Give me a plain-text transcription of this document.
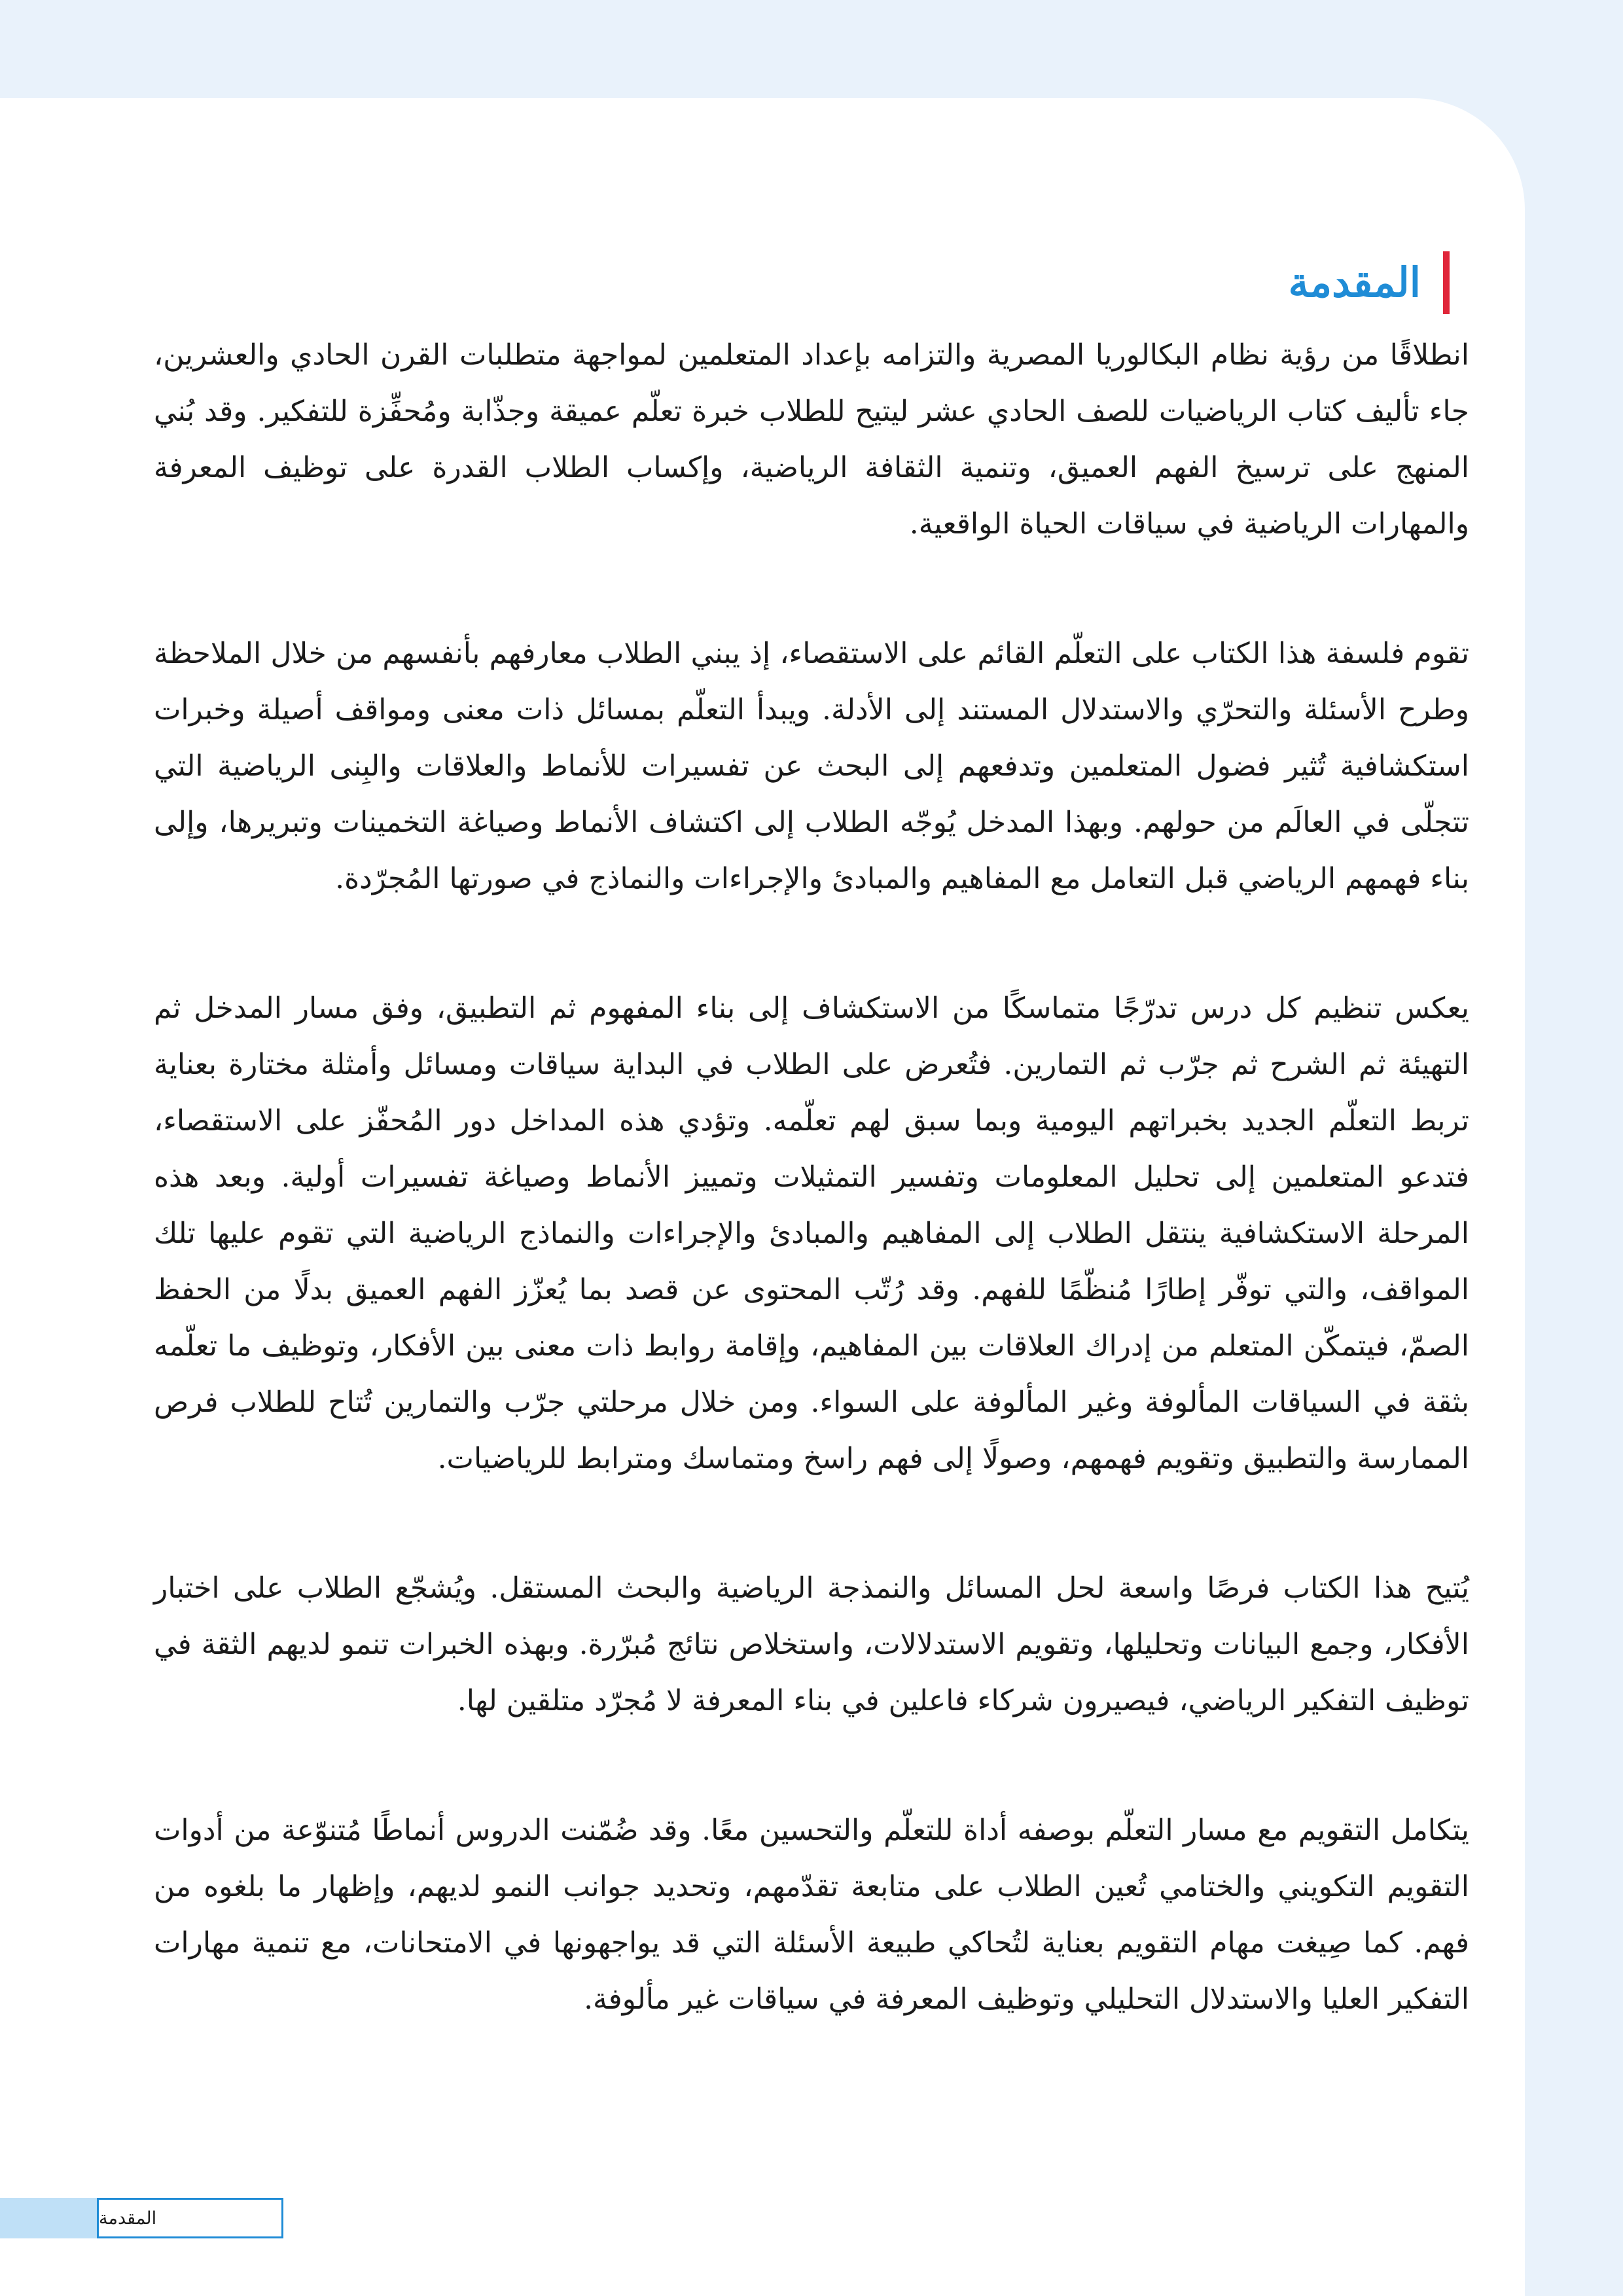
المقدمة

انطلاقًا من رؤية نظام البكالوريا المصرية والتزامه بإعداد المتعلمين لمواجهة متطلبات القرن الحادي والعشرين، جاء تأليف كتاب الرياضيات للصف الحادي عشر ليتيح للطلاب خبرة تعلّم عميقة وجذّابة ومُحفِّزة للتفكير. وقد بُني المنهج على ترسيخ الفهم العميق، وتنمية الثقافة الرياضية، وإكساب الطلاب القدرة على توظيف المعرفة والمهارات الرياضية في سياقات الحياة الواقعية.

تقوم فلسفة هذا الكتاب على التعلّم القائم على الاستقصاء، إذ يبني الطلاب معارفهم بأنفسهم من خلال الملاحظة وطرح الأسئلة والتحرّي والاستدلال المستند إلى الأدلة. ويبدأ التعلّم بمسائل ذات معنى ومواقف أصيلة وخبرات استكشافية تُثير فضول المتعلمين وتدفعهم إلى البحث عن تفسيرات للأنماط والعلاقات والبِنى الرياضية التي تتجلّى في العالَم من حولهم. وبهذا المدخل يُوجّه الطلاب إلى اكتشاف الأنماط وصياغة التخمينات وتبريرها، وإلى بناء فهمهم الرياضي قبل التعامل مع المفاهيم والمبادئ والإجراءات والنماذج في صورتها المُجرّدة.

يعكس تنظيم كل درس تدرّجًا متماسكًا من الاستكشاف إلى بناء المفهوم ثم التطبيق، وفق مسار المدخل ثم التهيئة ثم الشرح ثم جرّب ثم التمارين. فتُعرض على الطلاب في البداية سياقات ومسائل وأمثلة مختارة بعناية تربط التعلّم الجديد بخبراتهم اليومية وبما سبق لهم تعلّمه. وتؤدي هذه المداخل دور المُحفّز على الاستقصاء، فتدعو المتعلمين إلى تحليل المعلومات وتفسير التمثيلات وتمييز الأنماط وصياغة تفسيرات أولية. وبعد هذه المرحلة الاستكشافية ينتقل الطلاب إلى المفاهيم والمبادئ والإجراءات والنماذج الرياضية التي تقوم عليها تلك المواقف، والتي توفّر إطارًا مُنظّمًا للفهم. وقد رُتّب المحتوى عن قصد بما يُعزّز الفهم العميق بدلًا من الحفظ الصمّ، فيتمكّن المتعلم من إدراك العلاقات بين المفاهيم، وإقامة روابط ذات معنى بين الأفكار، وتوظيف ما تعلّمه بثقة في السياقات المألوفة وغير المألوفة على السواء. ومن خلال مرحلتي جرّب والتمارين تُتاح للطلاب فرص الممارسة والتطبيق وتقويم فهمهم، وصولًا إلى فهم راسخ ومتماسك ومترابط للرياضيات.

يُتيح هذا الكتاب فرصًا واسعة لحل المسائل والنمذجة الرياضية والبحث المستقل. ويُشجّع الطلاب على اختبار الأفكار، وجمع البيانات وتحليلها، وتقويم الاستدلالات، واستخلاص نتائج مُبرّرة. وبهذه الخبرات تنمو لديهم الثقة في توظيف التفكير الرياضي، فيصيرون شركاء فاعلين في بناء المعرفة لا مُجرّد متلقين لها.

يتكامل التقويم مع مسار التعلّم بوصفه أداة للتعلّم والتحسين معًا. وقد ضُمّنت الدروس أنماطًا مُتنوّعة من أدوات التقويم التكويني والختامي تُعين الطلاب على متابعة تقدّمهم، وتحديد جوانب النمو لديهم، وإظهار ما بلغوه من فهم. كما صِيغت مهام التقويم بعناية لتُحاكي طبيعة الأسئلة التي قد يواجهونها في الامتحانات، مع تنمية مهارات التفكير العليا والاستدلال التحليلي وتوظيف المعرفة في سياقات غير مألوفة.

المقدمة
